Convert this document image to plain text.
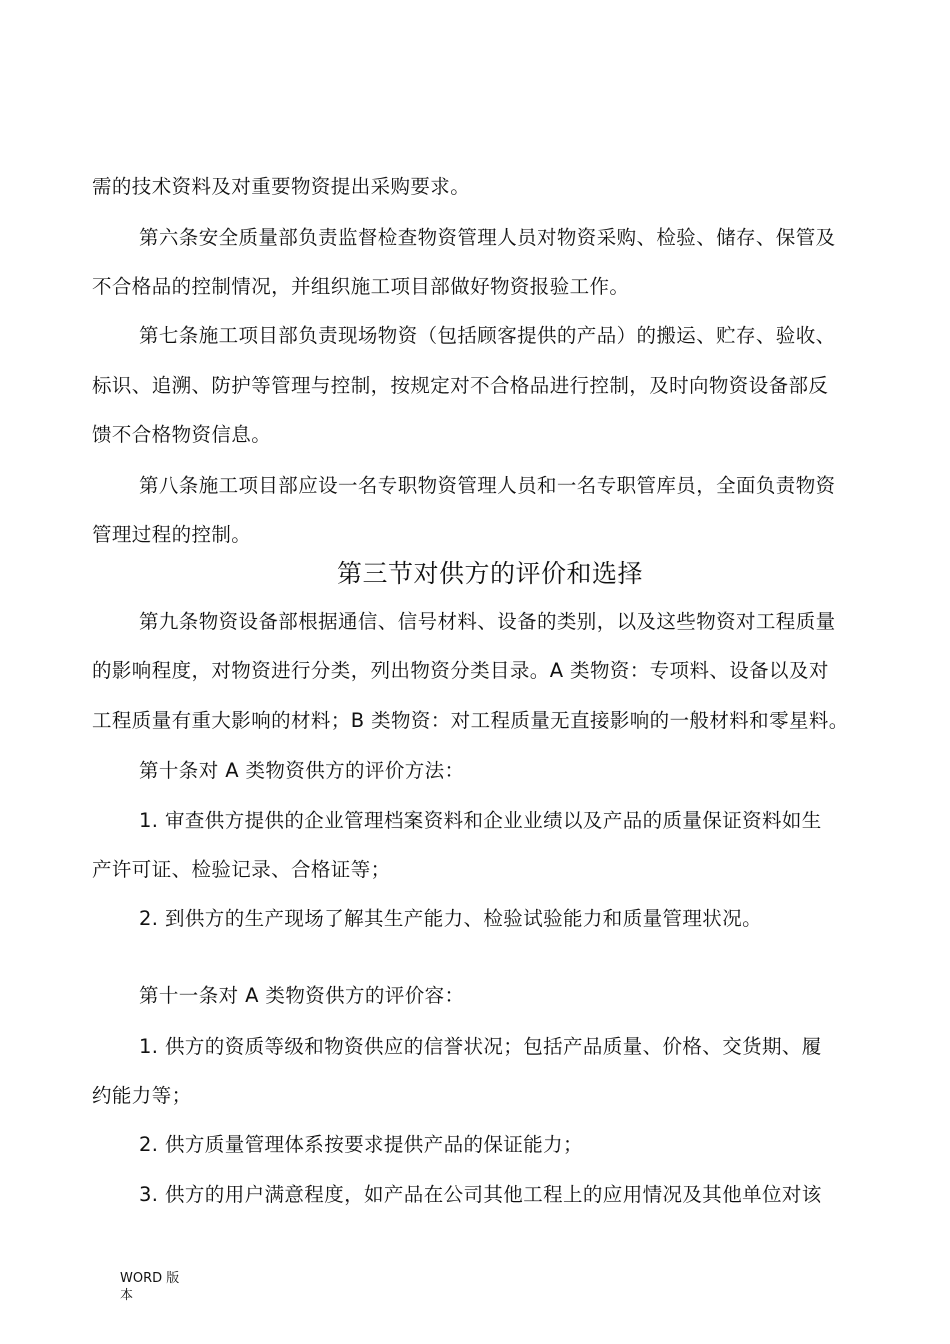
需的技术资料及对重要物资提出采购要求。
第六条安全质量部负责监督检查物资管理人员对物资采购、检验、储存、保管及
不合格品的控制情况，并组织施工项目部做好物资报验工作。
第七条施工项目部负责现场物资（包括顾客提供的产品）的搬运、贮存、验收、
标识、追溯、防护等管理与控制，按规定对不合格品进行控制，及时向物资设备部反
馈不合格物资信息。
第八条施工项目部应设一名专职物资管理人员和一名专职管库员，全面负责物资
管理过程的控制。
第三节对供方的评价和选择
第九条物资设备部根据通信、信号材料、设备的类别，以及这些物资对工程质量
的影响程度，对物资进行分类，列出物资分类目录。A 类物资：专项料、设备以及对
工程质量有重大影响的材料；B 类物资：对工程质量无直接影响的一般材料和零星料。
第十条对 A 类物资供方的评价方法：
1. 审查供方提供的企业管理档案资料和企业业绩以及产品的质量保证资料如生
产许可证、检验记录、合格证等；
2. 到供方的生产现场了解其生产能力、检验试验能力和质量管理状况。
第十一条对 A 类物资供方的评价容：
1. 供方的资质等级和物资供应的信誉状况；包括产品质量、价格、交货期、履
约能力等；
2. 供方质量管理体系按要求提供产品的保证能力；
3. 供方的用户满意程度，如产品在公司其他工程上的应用情况及其他单位对该
WORD 版
本
